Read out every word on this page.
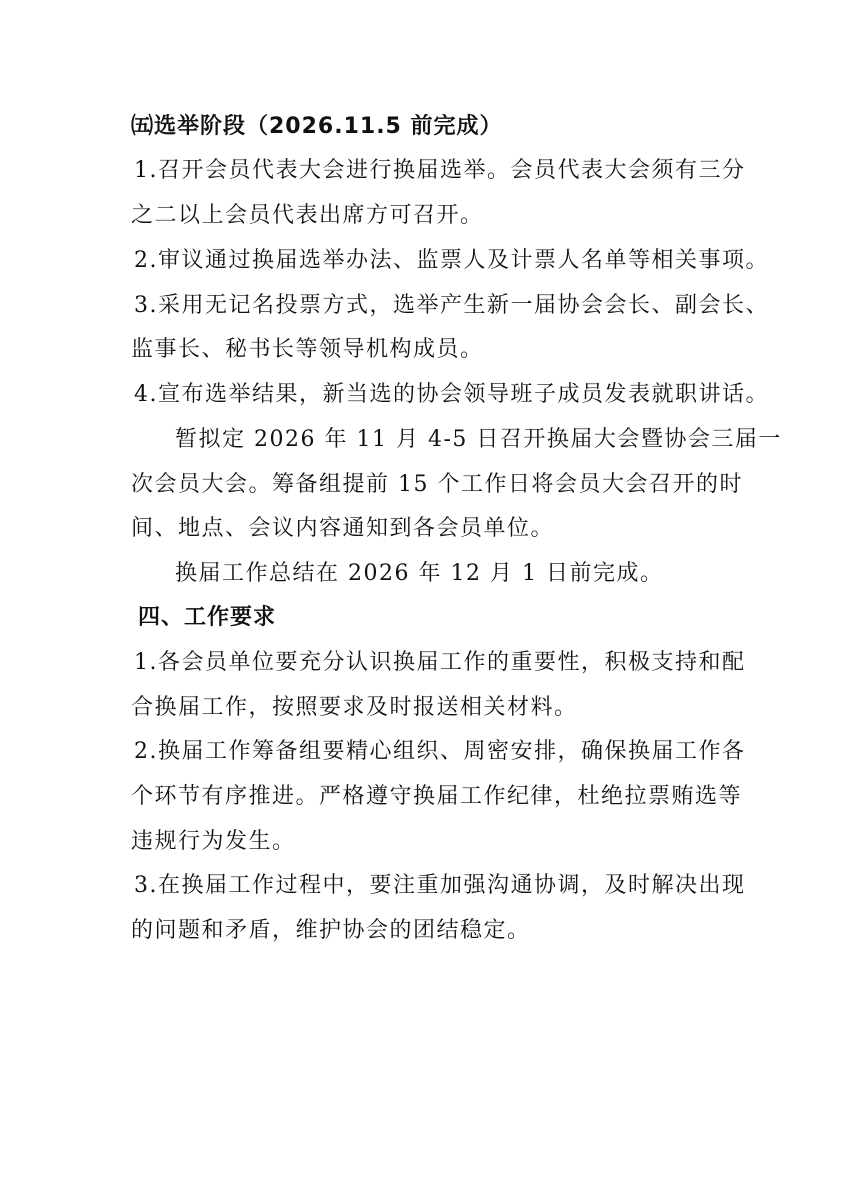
㈤选举阶段（2026.11.5 前完成）
1.召开会员代表大会进行换届选举。会员代表大会须有三分
之二以上会员代表出席方可召开。
2.审议通过换届选举办法、监票人及计票人名单等相关事项。
3.采用无记名投票方式，选举产生新一届协会会长、副会长、
监事长、秘书长等领导机构成员。
4.宣布选举结果，新当选的协会领导班子成员发表就职讲话。
暂拟定 2026 年 11 月 4-5 日召开换届大会暨协会三届一
次会员大会。筹备组提前 15 个工作日将会员大会召开的时
间、地点、会议内容通知到各会员单位。
换届工作总结在 2026 年 12 月 1 日前完成。
四、工作要求
1.各会员单位要充分认识换届工作的重要性，积极支持和配
合换届工作，按照要求及时报送相关材料。
2.换届工作筹备组要精心组织、周密安排，确保换届工作各
个环节有序推进。严格遵守换届工作纪律，杜绝拉票贿选等
违规行为发生。
3.在换届工作过程中，要注重加强沟通协调，及时解决出现
的问题和矛盾，维护协会的团结稳定。
